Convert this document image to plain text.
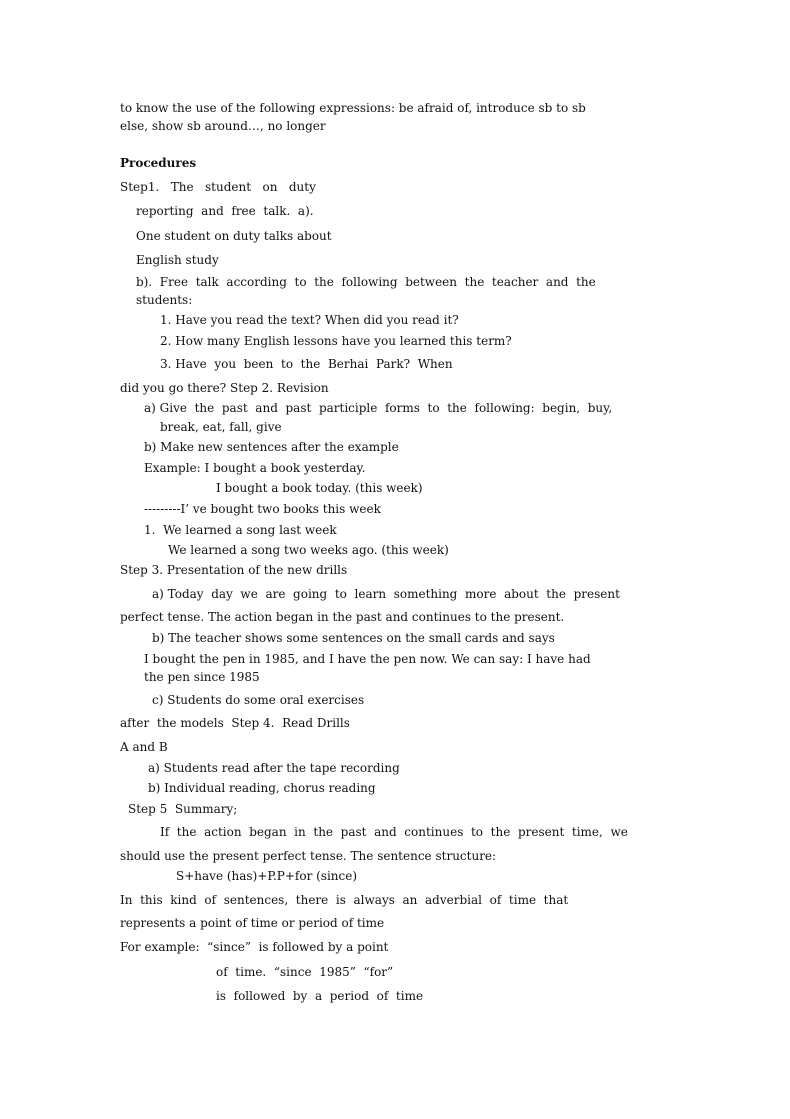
to know the use of the following expressions: be afraid of, introduce sb to sb
else, show sb around…, no longer
Procedures
Step1.   The   student   on   duty
reporting  and  free  talk.  a).
One student on duty talks about
English study
b).  Free  talk  according  to  the  following  between  the  teacher  and  the
students:
1. Have you read the text? When did you read it?
2. How many English lessons have you learned this term?
3. Have  you  been  to  the  Berhai  Park?  When
did you go there? Step 2. Revision
a) Give  the  past  and  past  participle  forms  to  the  following:  begin,  buy,
break, eat, fall, give
b) Make new sentences after the example
Example: I bought a book yesterday.
I bought a book today. (this week)
---------I’ ve bought two books this week
1.  We learned a song last week
We learned a song two weeks ago. (this week)
Step 3. Presentation of the new drills
a) Today  day  we  are  going  to  learn  something  more  about  the  present
perfect tense. The action began in the past and continues to the present.
b) The teacher shows some sentences on the small cards and says
I bought the pen in 1985, and I have the pen now. We can say: I have had
the pen since 1985
c) Students do some oral exercises
after  the models  Step 4.  Read Drills
A and B
a) Students read after the tape recording
b) Individual reading, chorus reading
Step 5  Summary;
If  the  action  began  in  the  past  and  continues  to  the  present  time,  we
should use the present perfect tense. The sentence structure:
S+have (has)+P.P+for (since)
In  this  kind  of  sentences,  there  is  always  an  adverbial  of  time  that
represents a point of time or period of time
For example:  “since”  is followed by a point
of  time.  “since  1985”  “for”
is  followed  by  a  period  of  time
